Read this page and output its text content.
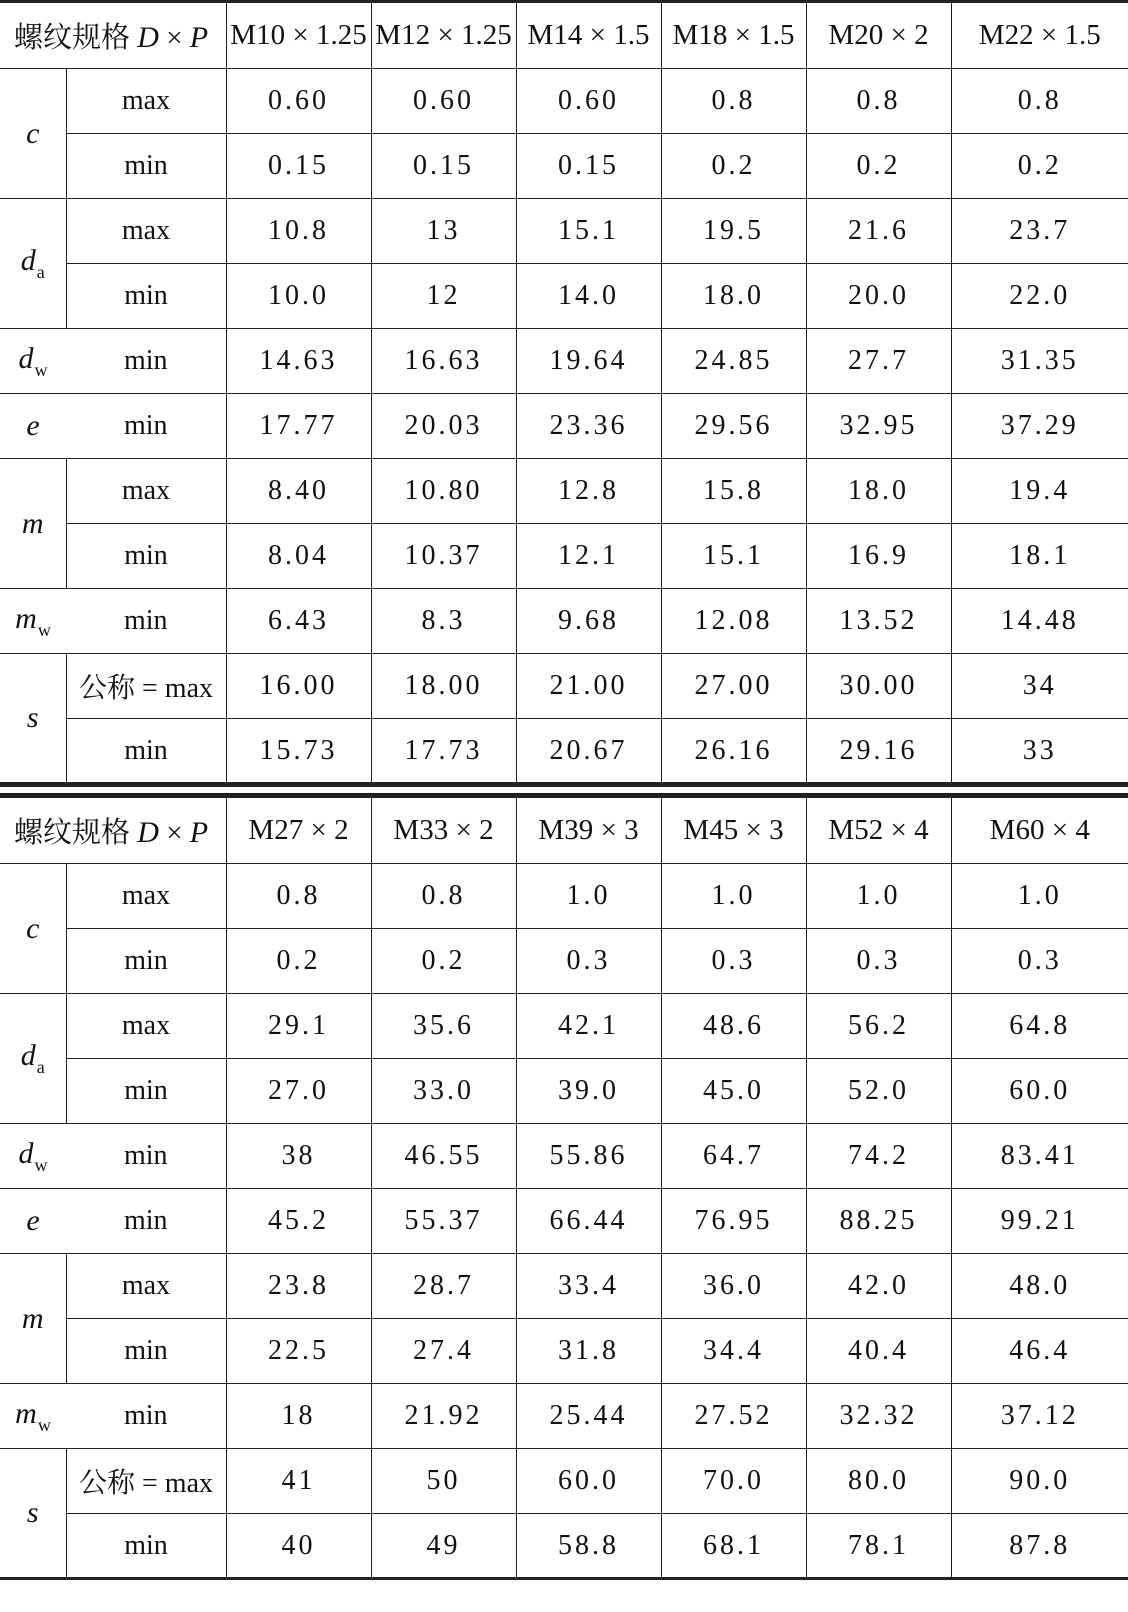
螺纹规格 D × P		M10 × 1.25	M12 × 1.25	M14 × 1.5	M18 × 1.5	M20 × 2	M22 × 1.5
c	max	0.60	0.60	0.60	0.8	0.8	0.8
	min	0.15	0.15	0.15	0.2	0.2	0.2
$d_a$	max	10.8	13	15.1	19.5	21.6	23.7
	min	10.0	12	14.0	18.0	20.0	22.0
$d_w$	min	14.63	16.63	19.64	24.85	27.7	31.35
e	min	17.77	20.03	23.36	29.56	32.95	37.29
m	max	8.40	10.80	12.8	15.8	18.0	19.4
	min	8.04	10.37	12.1	15.1	16.9	18.1
$m_w$	min	6.43	8.3	9.68	12.08	13.52	14.48
s	公称 = max	16.00	18.00	21.00	27.00	30.00	34
	min	15.73	17.73	20.67	26.16	29.16	33
螺纹规格 D × P		M27 × 2	M33 × 2	M39 × 3	M45 × 3	M52 × 4	M60 × 4
c	max	0.8	0.8	1.0	1.0	1.0	1.0
	min	0.2	0.2	0.3	0.3	0.3	0.3
$d_a$	max	29.1	35.6	42.1	48.6	56.2	64.8
	min	27.0	33.0	39.0	45.0	52.0	60.0
$d_w$	min	38	46.55	55.86	64.7	74.2	83.41
e	min	45.2	55.37	66.44	76.95	88.25	99.21
m	max	23.8	28.7	33.4	36.0	42.0	48.0
	min	22.5	27.4	31.8	34.4	40.4	46.4
$m_w$	min	18	21.92	25.44	27.52	32.32	37.12
s	公称 = max	41	50	60.0	70.0	80.0	90.0
	min	40	49	58.8	68.1	78.1	87.8
